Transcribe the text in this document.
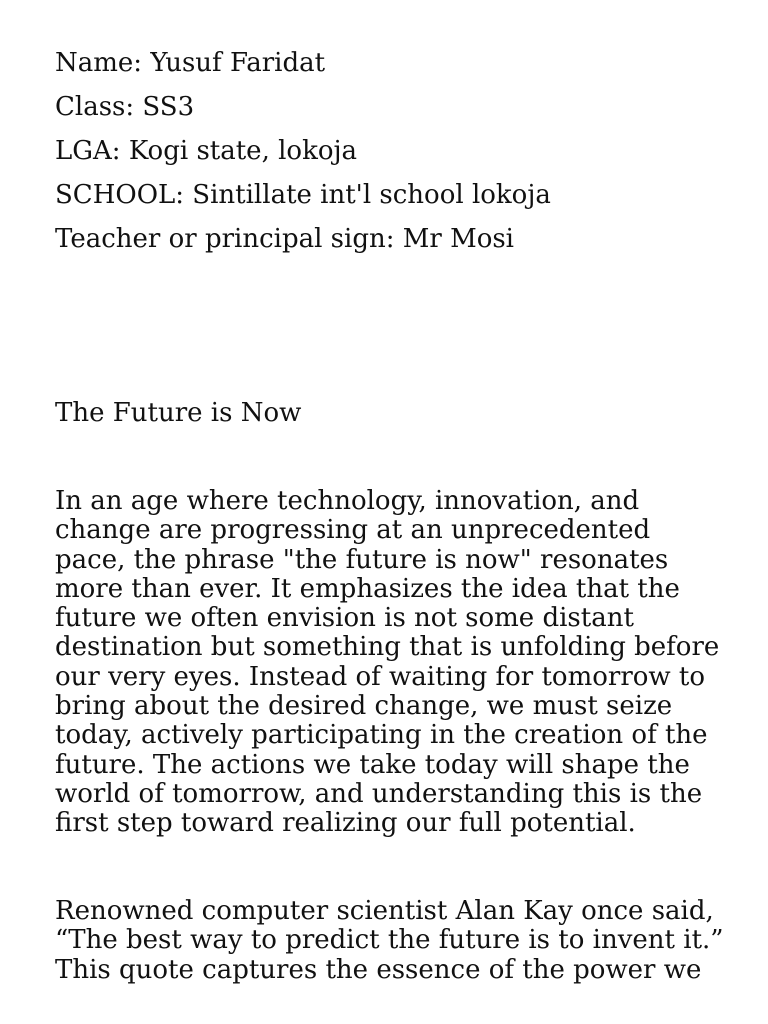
Name: Yusuf Faridat
Class: SS3
LGA: Kogi state, lokoja
SCHOOL: Sintillate int'l school lokoja
Teacher or principal sign: Mr Mosi
The Future is Now

In an age where technology, innovation, and change are progressing at an unprecedented pace, the phrase "the future is now" resonates more than ever. It emphasizes the idea that the future we often envision is not some distant destination but something that is unfolding before our very eyes. Instead of waiting for tomorrow to bring about the desired change, we must seize today, actively participating in the creation of the future. The actions we take today will shape the world of tomorrow, and understanding this is the first step toward realizing our full potential.

Renowned computer scientist Alan Kay once said, “The best way to predict the future is to invent it.” This quote captures the essence of the power we
